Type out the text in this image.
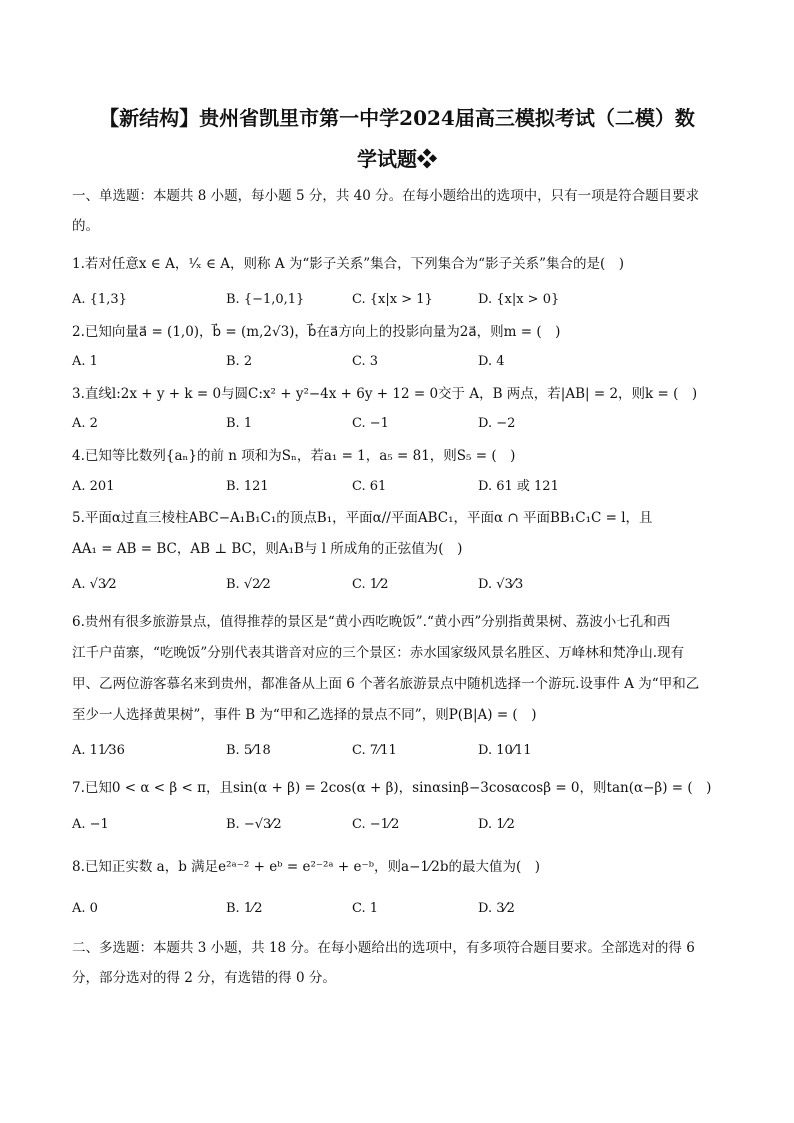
【新结构】贵州省凯里市第一中学2024届高三模拟考试（二模）数
学试题❖
一、单选题：本题共 8 小题，每小题 5 分，共 40 分。在每小题给出的选项中，只有一项是符合题目要求
的。
1.若对任意x ∈ A，¹⁄ₓ ∈ A，则称 A 为“影子关系”集合，下列集合为“影子关系”集合的是(　)
A. {1,3}	B. {−1,0,1}	C. {x|x > 1}	D. {x|x > 0}
2.已知向量a⃗ = (1,0)，b⃗ = (m,2√3)，b⃗在a⃗方向上的投影向量为2a⃗，则m = (　)
A. 1	B. 2	C. 3	D. 4
3.直线l:2x + y + k = 0与圆C:x² + y²−4x + 6y + 12 = 0交于 A，B 两点，若|AB| = 2，则k = (　)
A. 2	B. 1	C. −1	D. −2
4.已知等比数列{aₙ}的前 n 项和为Sₙ，若a₁ = 1，a₅ = 81，则S₅ = (　)
A. 201	B. 121	C. 61	D. 61 或 121
5.平面α过直三棱柱ABC−A₁B₁C₁的顶点B₁，平面α//平面ABC₁，平面α ∩ 平面BB₁C₁C = l，且
AA₁ = AB = BC，AB ⊥ BC，则A₁B与 l 所成角的正弦值为(　)
A. √3⁄2	B. √2⁄2	C. 1⁄2	D. √3⁄3
6.贵州有很多旅游景点，值得推荐的景区是“黄小西吃晚饭”.“黄小西”分别指黄果树、荔波小七孔和西
江千户苗寨，“吃晚饭”分别代表其谐音对应的三个景区：赤水国家级风景名胜区、万峰林和梵净山.现有
甲、乙两位游客慕名来到贵州，都准备从上面 6 个著名旅游景点中随机选择一个游玩.设事件 A 为“甲和乙
至少一人选择黄果树”，事件 B 为“甲和乙选择的景点不同”，则P(B|A) = (　)
A. 11⁄36	B. 5⁄18	C. 7⁄11	D. 10⁄11
7.已知0 < α < β < π，且sin(α + β) = 2cos(α + β)，sinαsinβ−3cosαcosβ = 0，则tan(α−β) = (　)
A. −1	B. −√3⁄2	C. −1⁄2	D. 1⁄2
8.已知正实数 a，b 满足e²ᵃ⁻² + eᵇ = e²⁻²ᵃ + e⁻ᵇ，则a−1⁄2b的最大值为(　)
A. 0	B. 1⁄2	C. 1	D. 3⁄2
二、多选题：本题共 3 小题，共 18 分。在每小题给出的选项中，有多项符合题目要求。全部选对的得 6
分，部分选对的得 2 分，有选错的得 0 分。
